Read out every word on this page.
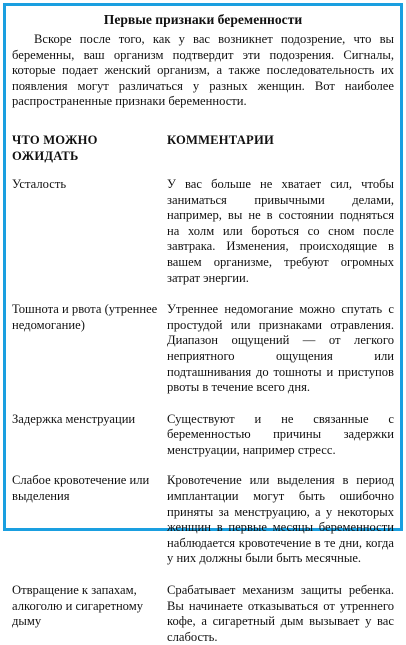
Первые признаки беременности

Вскоре после того, как у вас возникнет подозрение, что вы беременны, ваш организм подтвердит эти подозрения. Сигналы, которые подает женский организм, а также последовательность их появления могут различаться у разных женщин. Вот наиболее распространенные признаки беременности.

ЧТО МОЖНО ОЖИДАТЬ
КОММЕНТАРИИ
Усталость	У вас больше не хватает сил, чтобы заниматься привычными делами, например, вы не в состоянии подняться на холм или бороться со сном после завтрака. Изменения, происходящие в вашем организме, требуют огромных затрат энергии.
Тошнота и рвота (утреннее недомогание)
Утреннее недомогание можно спутать с простудой или признаками отравления. Диапазон ощущений — от легкого неприятного ощущения или подташнивания до тошноты и приступов рвоты в течение всего дня.
Задержка менструации	Существуют и не связанные с беременностью причины задержки менструации, например стресс.
Слабое кровотечение или выделения
Кровотечение или выделения в период имплантации могут быть ошибочно приняты за менструацию, а у некоторых женщин в первые месяцы беременности наблюдается кровотечение в те дни, когда у них должны были быть месячные.
Отвращение к запахам, алкоголю и сигаретному дыму
Срабатывает механизм защиты ребенка. Вы начинаете отказываться от утреннего кофе, а сигаретный дым вызывает у вас слабость.
